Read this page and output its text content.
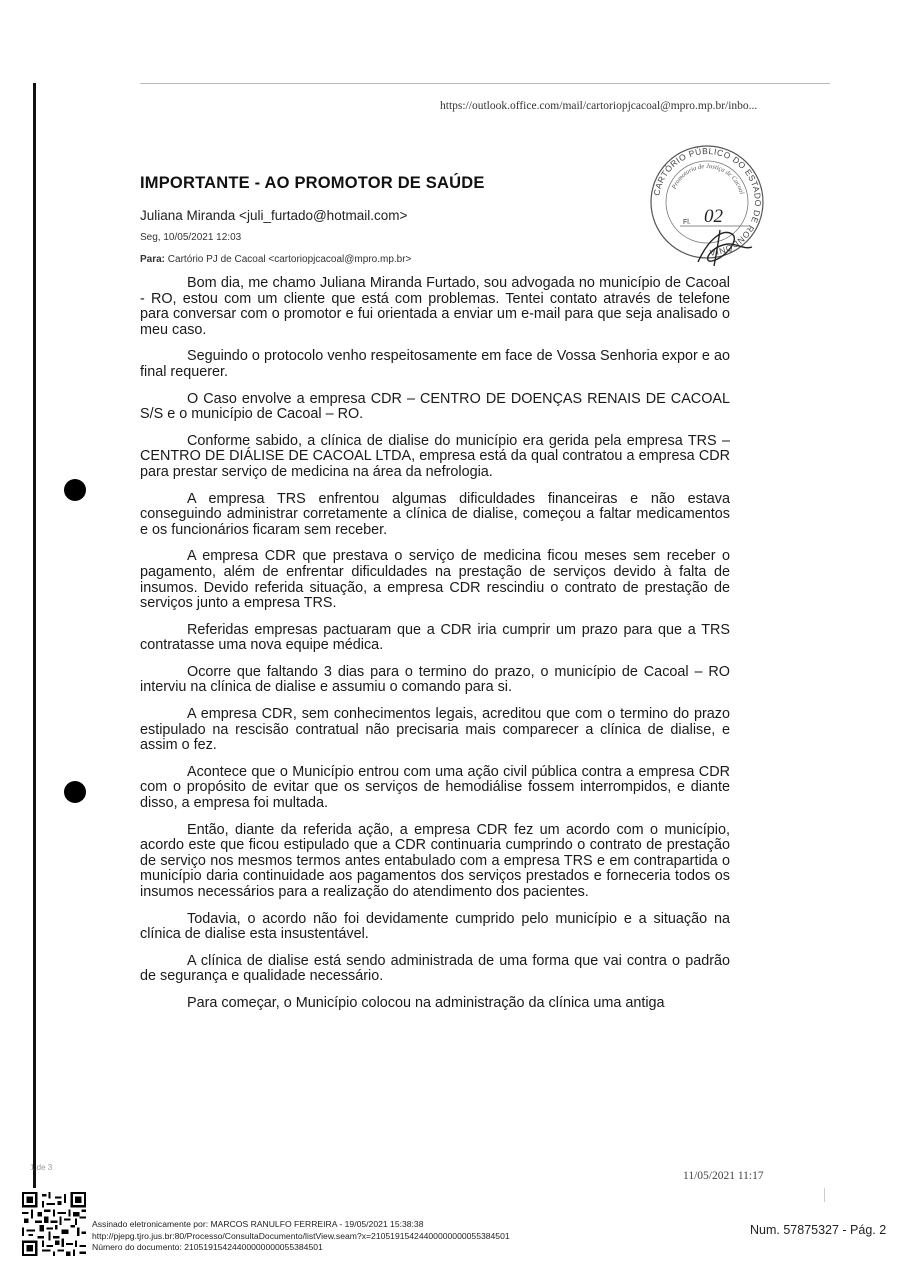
https://outlook.office.com/mail/cartoriopjcacoal@mpro.mp.br/inbo...
IMPORTANTE - AO PROMOTOR DE SAÚDE
Juliana Miranda <juli_furtado@hotmail.com>
Seg, 10/05/2021 12:03
Para: Cartório PJ de Cacoal <cartoriopjcacoal@mpro.mp.br>
CARTÓRIO PÚBLICO DO ESTADO DE RONDÔNIA
Promotoria de Justiça de Cacoal
Fl. 02

Bom dia, me chamo Juliana Miranda Furtado, sou advogada no município de Cacoal - RO, estou com um cliente que está com problemas. Tentei contato através de telefone para conversar com o promotor e fui orientada a enviar um e-mail para que seja analisado o meu caso.

Seguindo o protocolo venho respeitosamente em face de Vossa Senhoria expor e ao final requerer.

O Caso envolve a empresa CDR – CENTRO DE DOENÇAS RENAIS DE CACOAL S/S e o município de Cacoal – RO.

Conforme sabido, a clínica de dialise do município era gerida pela empresa TRS – CENTRO DE DIÁLISE DE CACOAL LTDA, empresa está da qual contratou a empresa CDR para prestar serviço de medicina na área da nefrologia.

A empresa TRS enfrentou algumas dificuldades financeiras e não estava conseguindo administrar corretamente a clínica de dialise, começou a faltar medicamentos e os funcionários ficaram sem receber.

A empresa CDR que prestava o serviço de medicina ficou meses sem receber o pagamento, além de enfrentar dificuldades na prestação de serviços devido à falta de insumos. Devido referida situação, a empresa CDR rescindiu o contrato de prestação de serviços junto a empresa TRS.

Referidas empresas pactuaram que a CDR iria cumprir um prazo para que a TRS contratasse uma nova equipe médica.

Ocorre que faltando 3 dias para o termino do prazo, o município de Cacoal – RO interviu na clínica de dialise e assumiu o comando para si.

A empresa CDR, sem conhecimentos legais, acreditou que com o termino do prazo estipulado na rescisão contratual não precisaria mais comparecer a clínica de dialise, e assim o fez.

Acontece que o Município entrou com uma ação civil pública contra a empresa CDR com o propósito de evitar que os serviços de hemodiálise fossem interrompidos, e diante disso, a empresa foi multada.

Então, diante da referida ação, a empresa CDR fez um acordo com o município, acordo este que ficou estipulado que a CDR continuaria cumprindo o contrato de prestação de serviço nos mesmos termos antes entabulado com a empresa TRS e em contrapartida o município daria continuidade aos pagamentos dos serviços prestados e forneceria todos os insumos necessários para a realização do atendimento dos pacientes.

Todavia, o acordo não foi devidamente cumprido pelo município e a situação na clínica de dialise esta insustentável.

A clínica de dialise está sendo administrada de uma forma que vai contra o padrão de segurança e qualidade necessário.

Para começar, o Município colocou na administração da clínica uma antiga

1 de 3
11/05/2021 11:17
Assinado eletronicamente por: MARCOS RANULFO FERREIRA - 19/05/2021 15:38:38
http://pjepg.tjro.jus.br:80/Processo/ConsultaDocumento/listView.seam?x=21051915424400000000055384501
Número do documento: 21051915424400000000055384501
Num. 57875327 - Pág. 2
